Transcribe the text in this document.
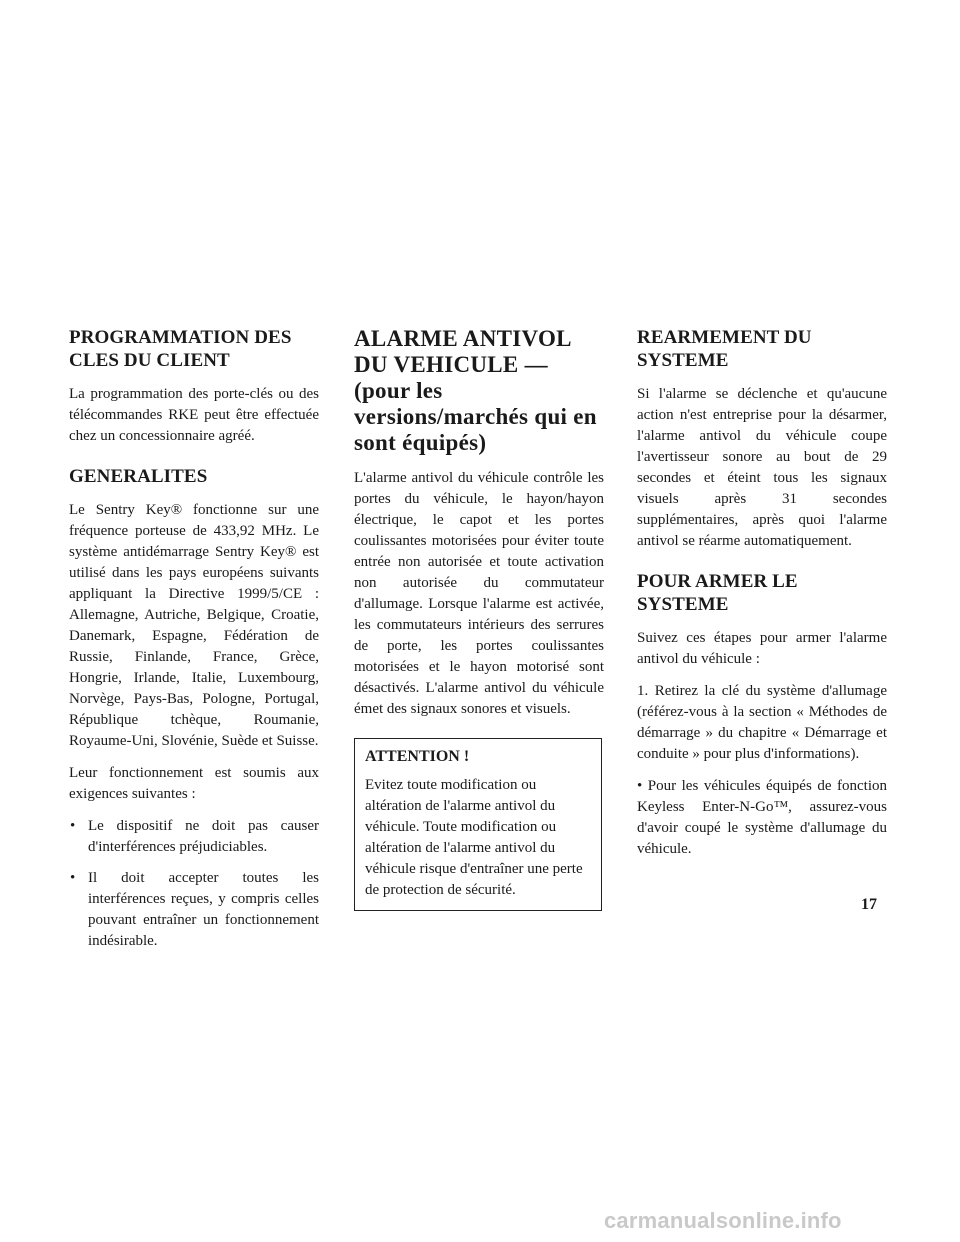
PROGRAMMATION DES CLES DU CLIENT

La programmation des porte-clés ou des télécommandes RKE peut être effectuée chez un concessionnaire agréé.

GENERALITES

Le Sentry Key® fonctionne sur une fréquence porteuse de 433,92 MHz. Le système antidémarrage Sentry Key® est utilisé dans les pays européens suivants appliquant la Directive 1999/5/CE : Allemagne, Autriche, Belgique, Croatie, Danemark, Espagne, Fédération de Russie, Finlande, France, Grèce, Hongrie, Irlande, Italie, Luxembourg, Norvège, Pays-Bas, Pologne, Portugal, République tchèque, Roumanie, Royaume-Uni, Slovénie, Suède et Suisse.

Leur fonctionnement est soumis aux exigences suivantes :

• Le dispositif ne doit pas causer d'interférences préjudiciables.
• Il doit accepter toutes les interférences reçues, y compris celles pouvant entraîner un fonctionnement indésirable.
ALARME ANTIVOL DU VEHICULE — (pour les versions/marchés qui en sont équipés)

L'alarme antivol du véhicule contrôle les portes du véhicule, le hayon/hayon électrique, le capot et les portes coulissantes motorisées pour éviter toute entrée non autorisée et toute activation non autorisée du commutateur d'allumage. Lorsque l'alarme est activée, les commutateurs intérieurs des serrures de porte, les portes coulissantes motorisées et le hayon motorisé sont désactivés. L'alarme antivol du véhicule émet des signaux sonores et visuels.

ATTENTION !

Evitez toute modification ou altération de l'alarme antivol du véhicule. Toute modification ou altération de l'alarme antivol du véhicule risque d'entraîner une perte de protection de sécurité.

REARMEMENT DU SYSTEME

Si l'alarme se déclenche et qu'aucune action n'est entreprise pour la désarmer, l'alarme antivol du véhicule coupe l'avertisseur sonore au bout de 29 secondes et éteint tous les signaux visuels après 31 secondes supplémentaires, après quoi l'alarme antivol se réarme automatiquement.

POUR ARMER LE SYSTEME

Suivez ces étapes pour armer l'alarme antivol du véhicule :

1. Retirez la clé du système d'allumage (référez-vous à la section « Méthodes de démarrage » du chapitre « Démarrage et conduite » pour plus d'informations).

• Pour les véhicules équipés de fonction Keyless Enter-N-Go™, assurez-vous d'avoir coupé le système d'allumage du véhicule.

17
carmanualsonline.info
